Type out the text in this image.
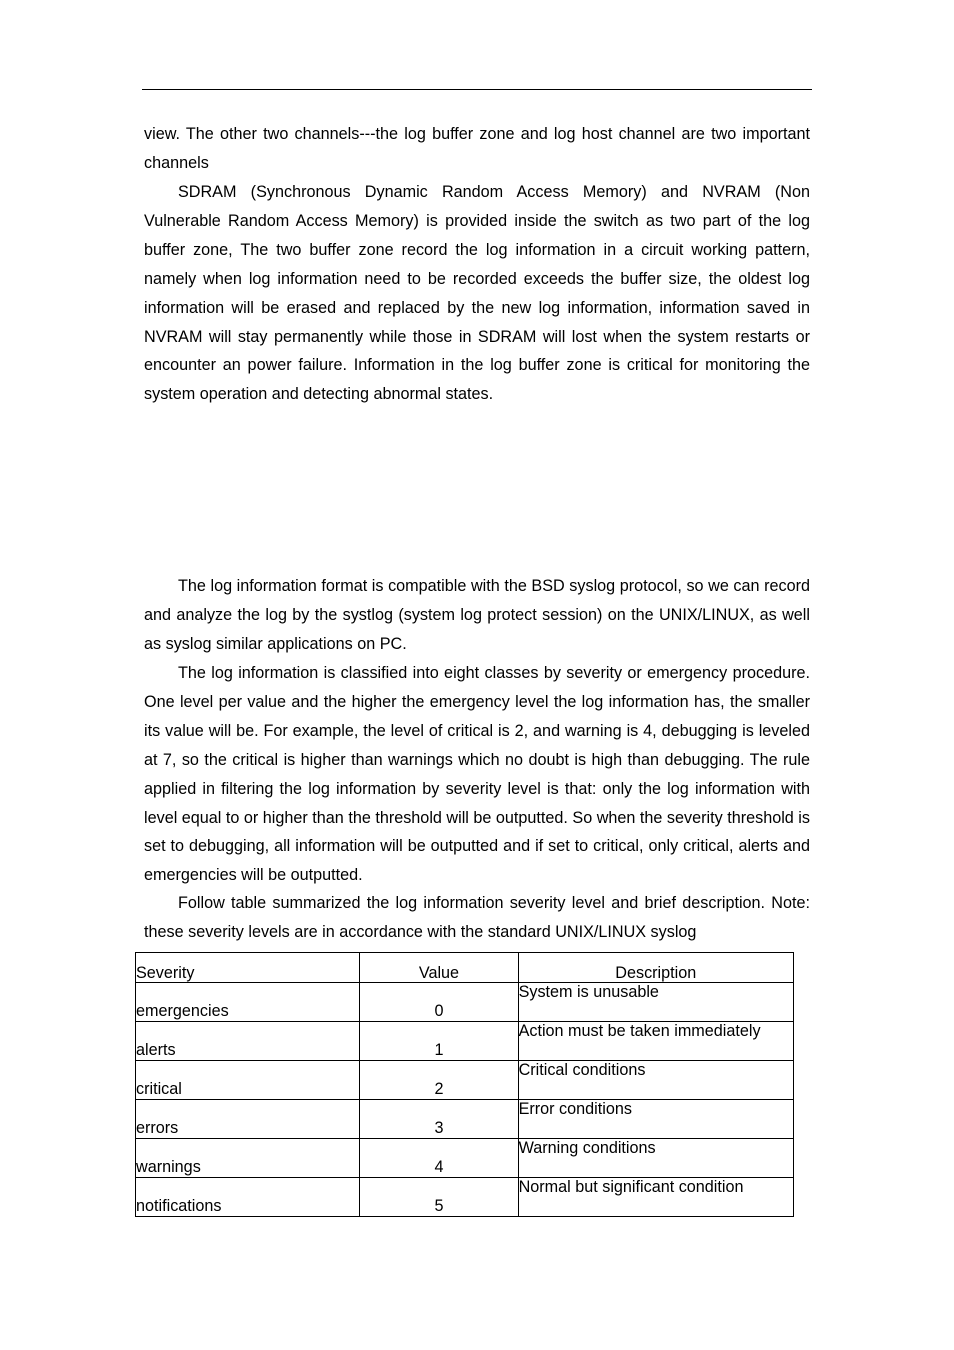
view. The other two channels---the log buffer zone and log host channel are two important channels

SDRAM (Synchronous Dynamic Random Access Memory) and NVRAM (Non Vulnerable Random Access Memory) is provided inside the switch as two part of the log buffer zone, The two buffer zone record the log information in a circuit working pattern, namely when log information need to be recorded exceeds the buffer size, the oldest log information will be erased and replaced by the new log information, information saved in NVRAM will stay permanently while those in SDRAM will lost when the system restarts or encounter an power failure. Information in the log buffer zone is critical for monitoring the system operation and detecting abnormal states.

The log information format is compatible with the BSD syslog protocol, so we can record and analyze the log by the systlog (system log protect session) on the UNIX/LINUX, as well as syslog similar applications on PC.

The log information is classified into eight classes by severity or emergency procedure. One level per value and the higher the emergency level the log information has, the smaller its value will be. For example, the level of critical is 2, and warning is 4, debugging is leveled at 7, so the critical is higher than warnings which no doubt is high than debugging. The rule applied in filtering the log information by severity level is that: only the log information with level equal to or higher than the threshold will be outputted. So when the severity threshold is set to debugging, all information will be outputted and if set to critical, only critical, alerts and emergencies will be outputted.

Follow table summarized the log information severity level and brief description. Note: these severity levels are in accordance with the standard UNIX/LINUX syslog

Severity	Value	Description
emergencies	0	System is unusable
alerts	1	Action must be taken immediately
critical	2	Critical conditions
errors	3	Error conditions
warnings	4	Warning conditions
notifications	5	Normal but significant condition
